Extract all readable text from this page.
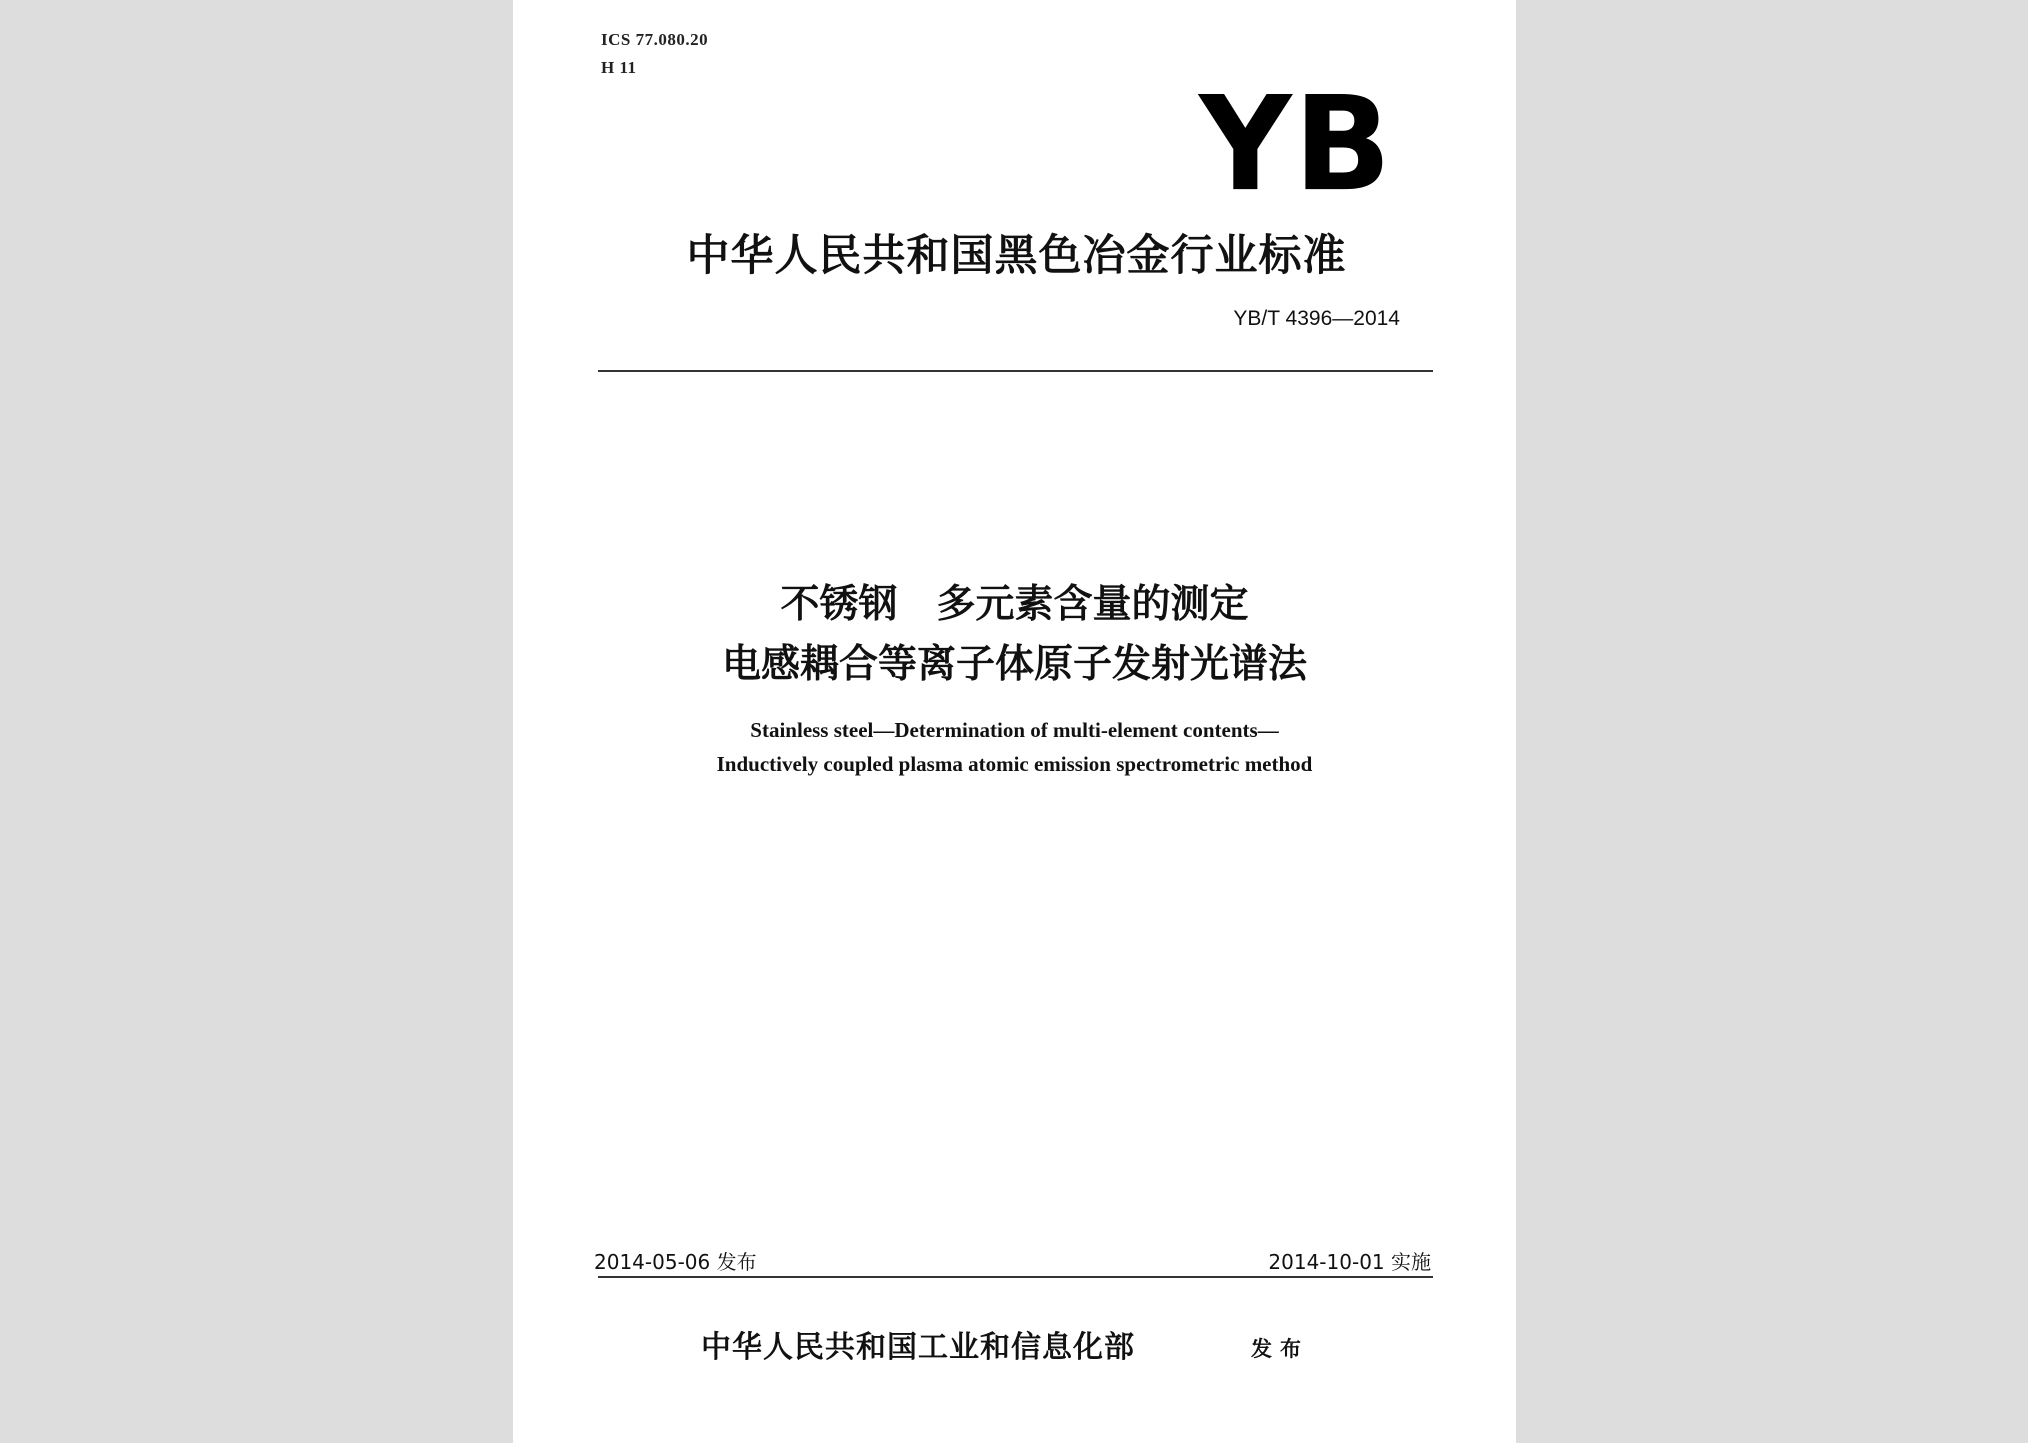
ICS 77.080.20
H 11
YB
中华人民共和国黑色冶金行业标准
YB/T 4396—2014
不锈钢　多元素含量的测定
电感耦合等离子体原子发射光谱法
Stainless steel—Determination of multi-element contents—
Inductively coupled plasma atomic emission spectrometric method
2014-05-06 发布	2014-10-01 实施
中华人民共和国工业和信息化部	发布
